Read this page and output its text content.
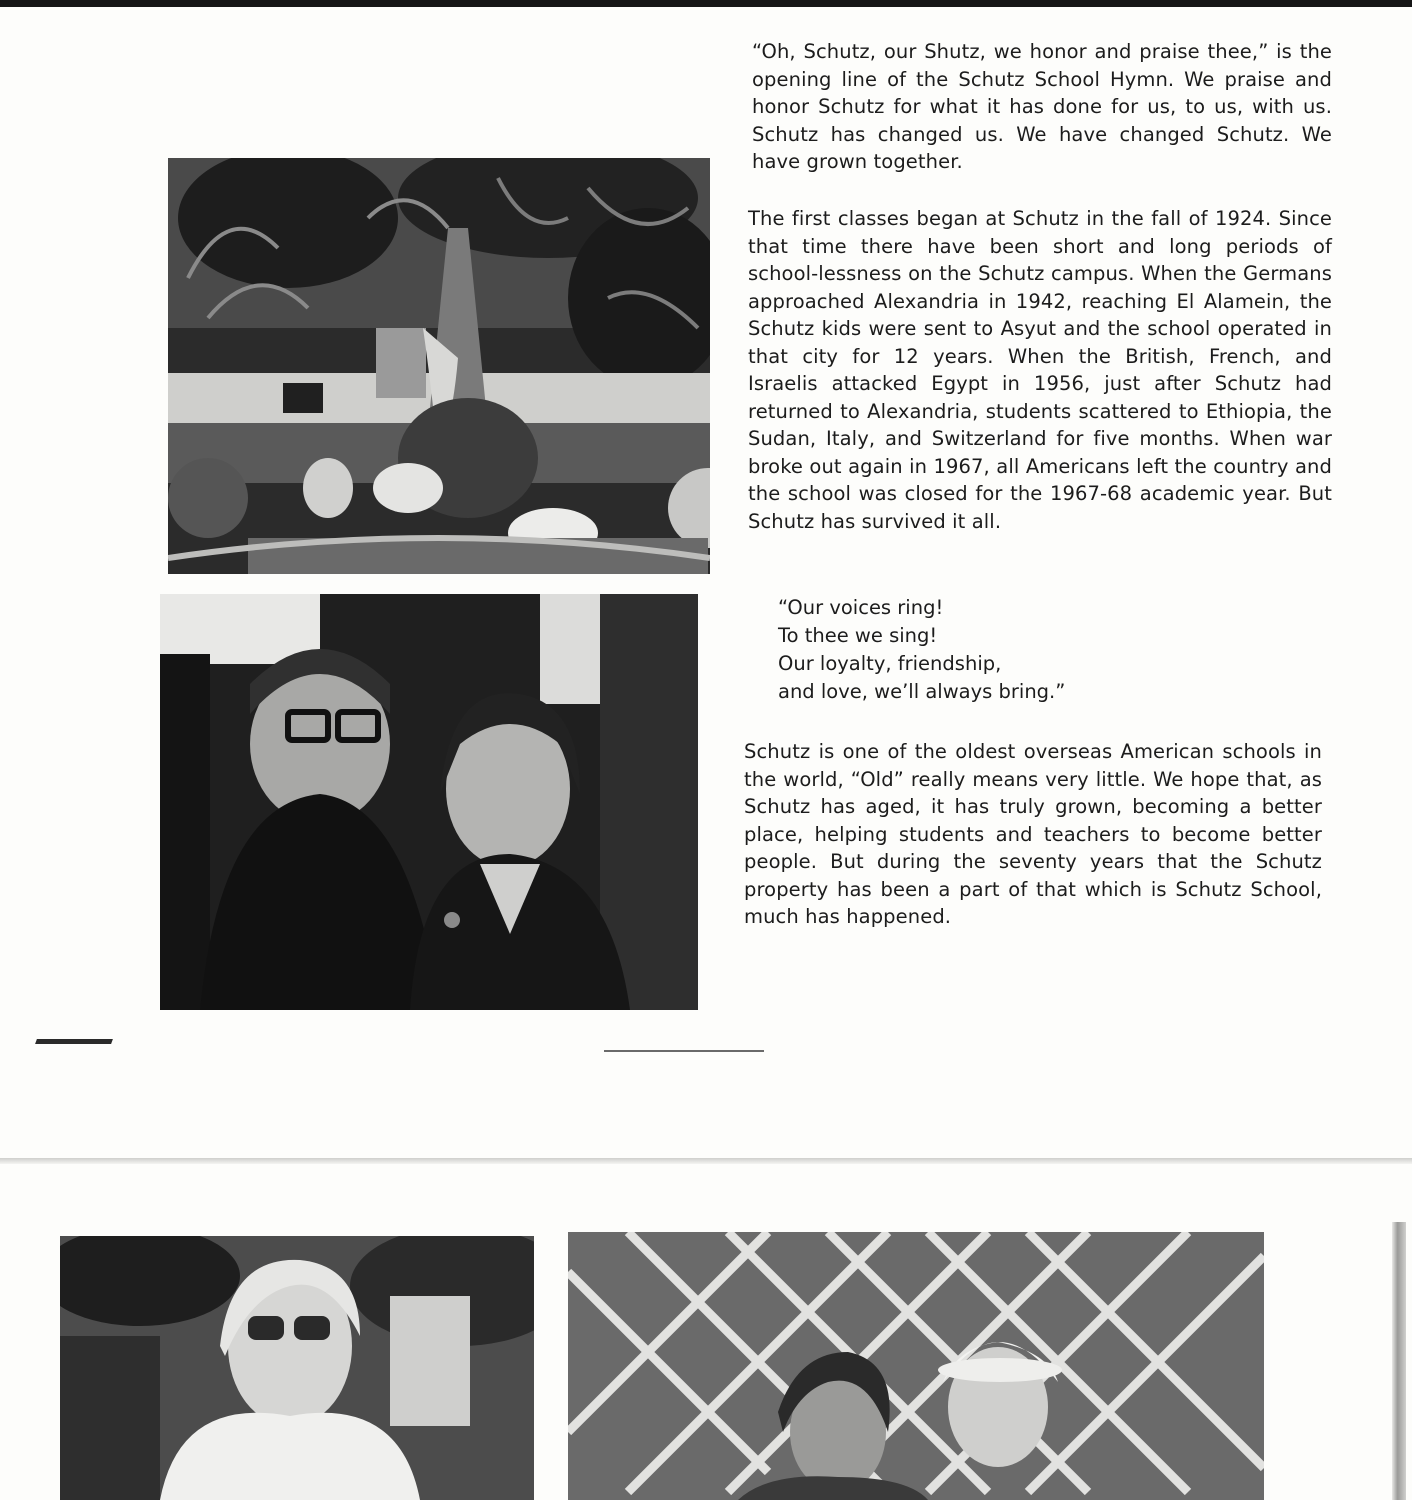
“Oh, Schutz, our Shutz, we honor and praise thee,” is the opening line of the Schutz School Hymn. We praise and honor Schutz for what it has done for us, to us, with us. Schutz has changed us. We have changed Schutz. We have grown together.

The first classes began at Schutz in the fall of 1924. Since that time there have been short and long periods of school-lessness on the Schutz campus. When the Germans approached Alexandria in 1942, reaching El Alamein, the Schutz kids were sent to Asyut and the school operated in that city for 12 years. When the British, French, and Israelis attacked Egypt in 1956, just after Schutz had returned to Alexandria, students scattered to Ethiopia, the Sudan, Italy, and Switzerland for five months. When war broke out again in 1967, all Americans left the country and the school was closed for the 1967-68 academic year. But Schutz has survived it all.

“Our voices ring!
To thee we sing!
Our loyalty, friendship,
and love, we’ll always bring.”

Schutz is one of the oldest overseas American schools in the world, “Old” really means very little. We hope that, as Schutz has aged, it has truly grown, becoming a better place, helping students and teachers to become better people. But during the seventy years that the Schutz property has been a part of that which is Schutz School, much has happened.
